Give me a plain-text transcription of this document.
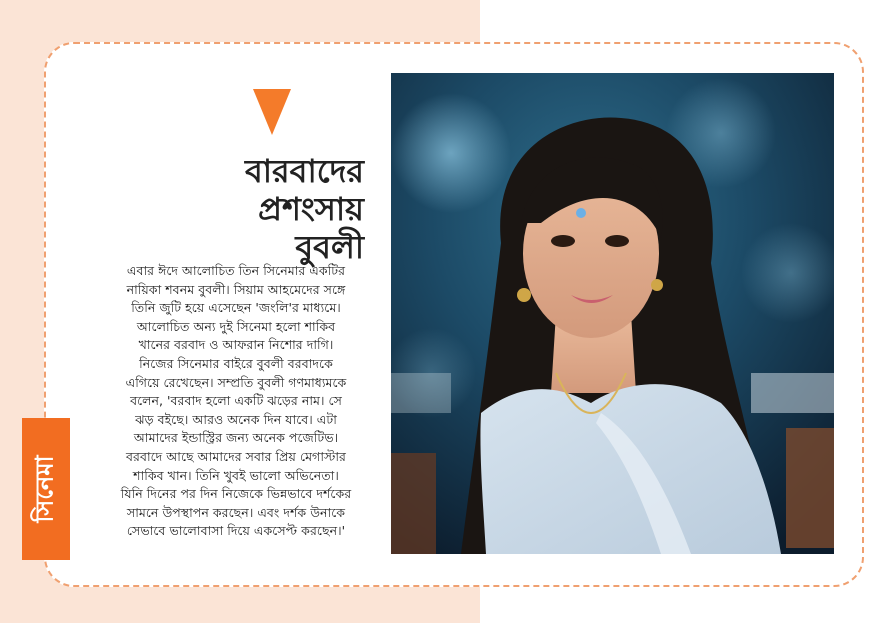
বারবাদের
প্রশংসায়
বুবলী
এবার ঈদে আলোচিত তিন সিনেমার একটির
নায়িকা শবনম বুবলী। সিয়াম আহমেদের সঙ্গে
তিনি জুটি হয়ে এসেছেন 'জংলি'র মাধ্যমে।
আলোচিত অন্য দুই সিনেমা হলো শাকিব
খানের বরবাদ ও আফরান নিশোর দাগি।
নিজের সিনেমার বাইরে বুবলী বরবাদকে
এগিয়ে রেখেছেন। সম্প্রতি বুবলী গণমাধ্যমকে
বলেন, 'বরবাদ হলো একটি ঝড়ের নাম। সে
ঝড় বইছে। আরও অনেক দিন যাবে। এটা
আমাদের ইন্ডাস্ট্রির জন্য অনেক পজেটিভ।
বরবাদে আছে আমাদের সবার প্রিয় মেগাস্টার
শাকিব খান। তিনি খুবই ভালো অভিনেতা।
যিনি দিনের পর দিন নিজেকে ভিন্নভাবে দর্শকের
সামনে উপস্থাপন করছেন। এবং দর্শক উনাকে
সেভাবে ভালোবাসা দিয়ে একসেপ্ট করছেন।'
সিনেমা
